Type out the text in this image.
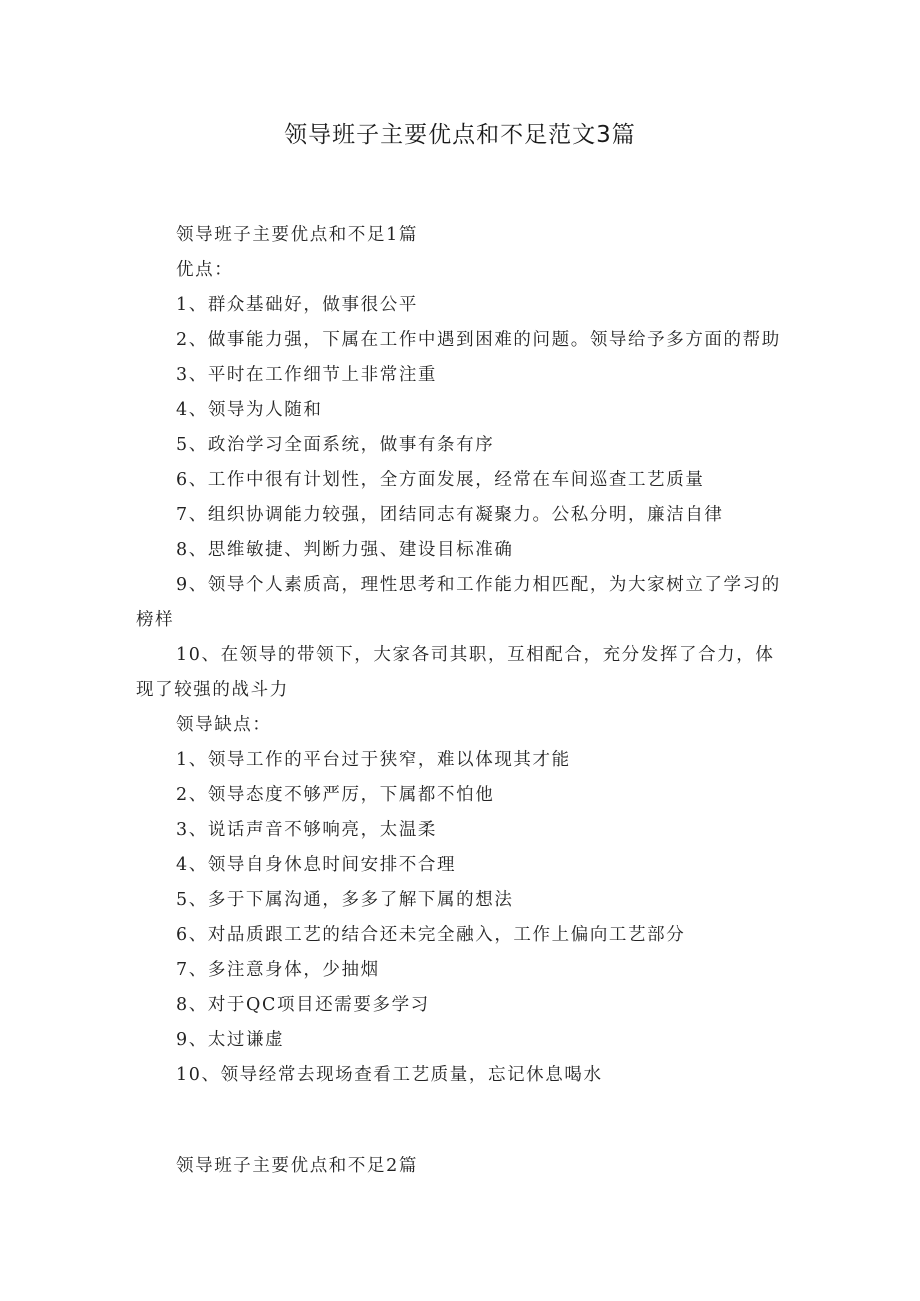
领导班子主要优点和不足范文3篇

领导班子主要优点和不足1篇

优点：

1、群众基础好，做事很公平

2、做事能力强，下属在工作中遇到困难的问题。领导给予多方面的帮助

3、平时在工作细节上非常注重

4、领导为人随和

5、政治学习全面系统，做事有条有序

6、工作中很有计划性，全方面发展，经常在车间巡查工艺质量

7、组织协调能力较强，团结同志有凝聚力。公私分明，廉洁自律

8、思维敏捷、判断力强、建设目标准确

9、领导个人素质高，理性思考和工作能力相匹配，为大家树立了学习的榜样

10、在领导的带领下，大家各司其职，互相配合，充分发挥了合力，体现了较强的战斗力

领导缺点：

1、领导工作的平台过于狭窄，难以体现其才能

2、领导态度不够严厉，下属都不怕他

3、说话声音不够响亮，太温柔

4、领导自身休息时间安排不合理

5、多于下属沟通，多多了解下属的想法

6、对品质跟工艺的结合还未完全融入，工作上偏向工艺部分

7、多注意身体，少抽烟

8、对于QC项目还需要多学习

9、太过谦虚

10、领导经常去现场查看工艺质量，忘记休息喝水

领导班子主要优点和不足2篇
